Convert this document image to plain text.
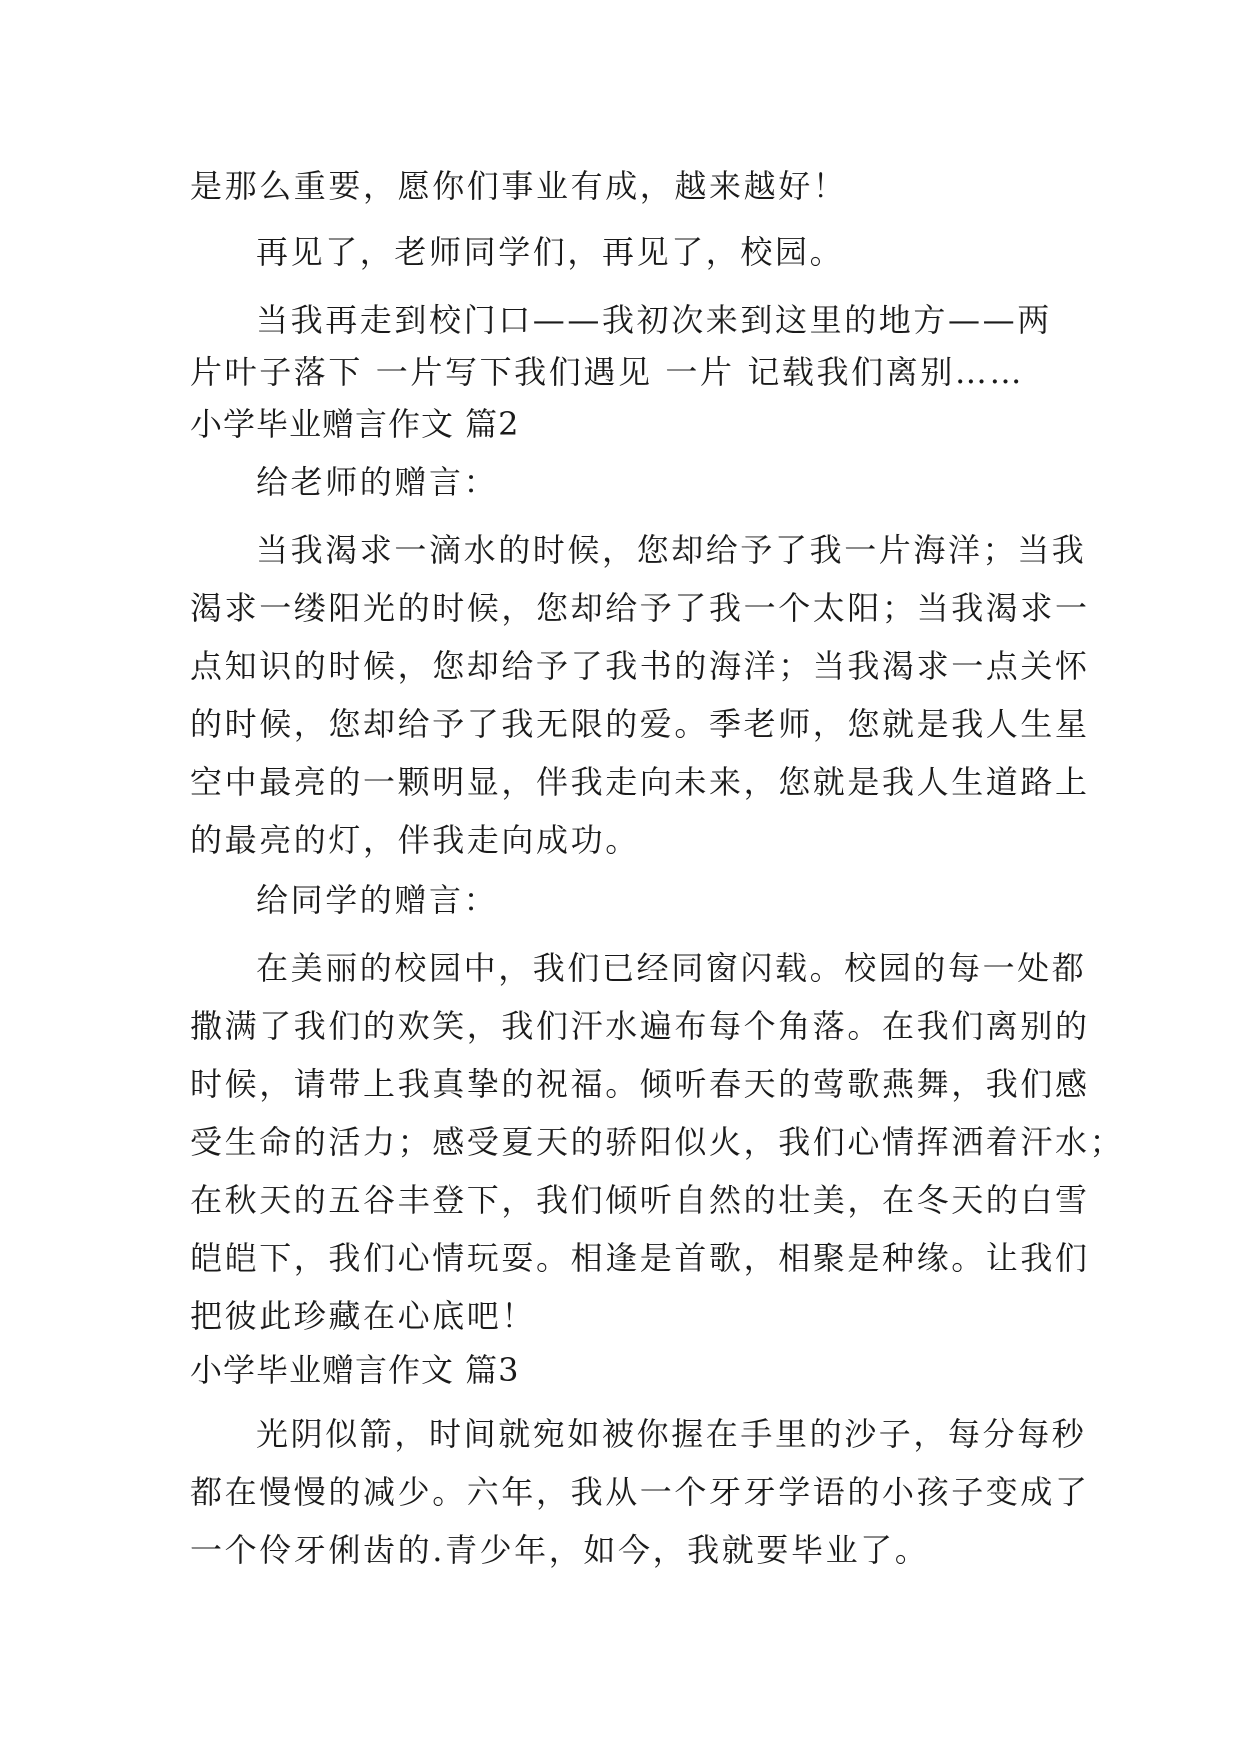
是那么重要，愿你们事业有成，越来越好！
再见了，老师同学们，再见了，校园。
当我再走到校门口——我初次来到这里的地方——两
片叶子落下 一片写下我们遇见 一片 记载我们离别……
小学毕业赠言作文 篇2
给老师的赠言：
当我渴求一滴水的时候，您却给予了我一片海洋；当我
渴求一缕阳光的时候，您却给予了我一个太阳；当我渴求一
点知识的时候，您却给予了我书的海洋；当我渴求一点关怀
的时候，您却给予了我无限的爱。季老师，您就是我人生星
空中最亮的一颗明显，伴我走向未来，您就是我人生道路上
的最亮的灯，伴我走向成功。
给同学的赠言：
在美丽的校园中，我们已经同窗闪载。校园的每一处都
撒满了我们的欢笑，我们汗水遍布每个角落。在我们离别的
时候，请带上我真挚的祝福。倾听春天的莺歌燕舞，我们感
受生命的活力；感受夏天的骄阳似火，我们心情挥洒着汗水；
在秋天的五谷丰登下，我们倾听自然的壮美，在冬天的白雪
皑皑下，我们心情玩耍。相逢是首歌，相聚是种缘。让我们
把彼此珍藏在心底吧！
小学毕业赠言作文 篇3
光阴似箭，时间就宛如被你握在手里的沙子，每分每秒
都在慢慢的减少。六年，我从一个牙牙学语的小孩子变成了
一个伶牙俐齿的.青少年，如今，我就要毕业了。
